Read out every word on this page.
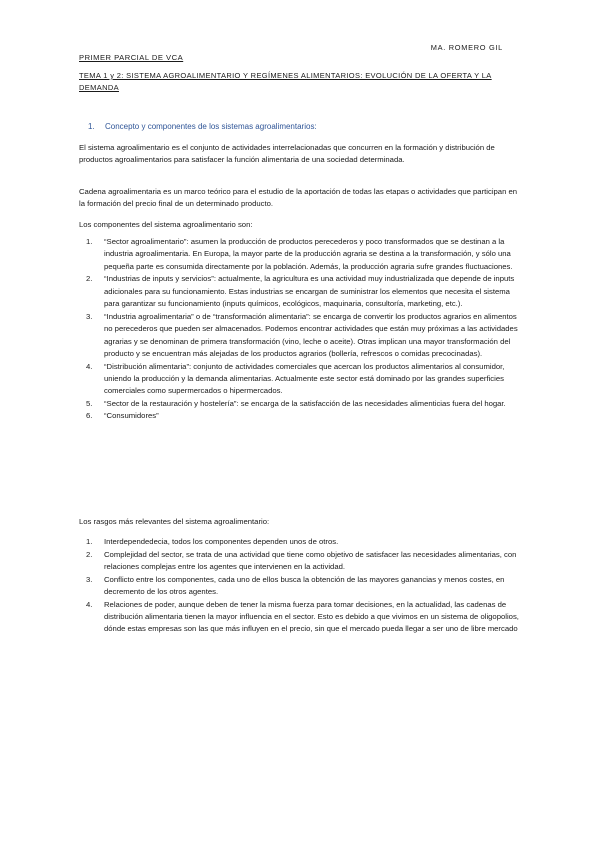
MA. ROMERO GIL
PRIMER PARCIAL DE VCA
TEMA 1 y 2: SISTEMA AGROALIMENTARIO Y REGÍMENES ALIMENTARIOS: EVOLUCIÓN DE LA OFERTA Y LA DEMANDA
1. Concepto y componentes de los sistemas agroalimentarios:

El sistema agroalimentario es el conjunto de actividades interrelacionadas que concurren en la formación y distribución de productos agroalimentarios para satisfacer la función alimentaria de una sociedad determinada.

Cadena agroalimentaria es un marco teórico para el estudio de la aportación de todas las etapas o actividades que participan en la formación del precio final de un determinado producto.

Los componentes del sistema agroalimentario son:

1. “Sector agroalimentario”: asumen la producción de productos perecederos y poco transformados que se destinan a la industria agroalimentaria. En Europa, la mayor parte de la producción agraria se destina a la transformación, y sólo una pequeña parte es consumida directamente por la población. Además, la producción agraria sufre grandes fluctuaciones.
2. “Industrias de inputs y servicios”: actualmente, la agricultura es una actividad muy industrializada que depende de inputs adicionales para su funcionamiento. Estas industrias se encargan de suministrar los elementos que necesita el sistema para garantizar su funcionamiento (inputs químicos, ecológicos, maquinaria, consultoría, marketing, etc.).
3. “Industria agroalimentaria” o de “transformación alimentaria”: se encarga de convertir los productos agrarios en alimentos no perecederos que pueden ser almacenados. Podemos encontrar actividades que están muy próximas a las actividades agrarias y se denominan de primera transformación (vino, leche o aceite). Otras implican una mayor transformación del producto y se encuentran más alejadas de los productos agrarios (bollería, refrescos o comidas precocinadas).
4. “Distribución alimentaria”: conjunto de actividades comerciales que acercan los productos alimentarios al consumidor, uniendo la producción y la demanda alimentarias. Actualmente este sector está dominado por las grandes superficies comerciales como supermercados o hipermercados.
5. “Sector de la restauración y hostelería”: se encarga de la satisfacción de las necesidades alimenticias fuera del hogar.
6. “Consumidores”

Los rasgos más relevantes del sistema agroalimentario:

1. Interdependedecia, todos los componentes dependen unos de otros.
2. Complejidad del sector, se trata de una actividad que tiene como objetivo de satisfacer las necesidades alimentarias, con relaciones complejas entre los agentes que intervienen en la actividad.
3. Conflicto entre los componentes, cada uno de ellos busca la obtención de las mayores ganancias y menos costes, en decremento de los otros agentes.
4. Relaciones de poder, aunque deben de tener la misma fuerza para tomar decisiones, en la actualidad, las cadenas de distribución alimentaria tienen la mayor influencia en el sector. Esto es debido a que vivimos en un sistema de oligopolios, dónde estas empresas son las que más influyen en el precio, sin que el mercado pueda llegar a ser uno de libre mercado
